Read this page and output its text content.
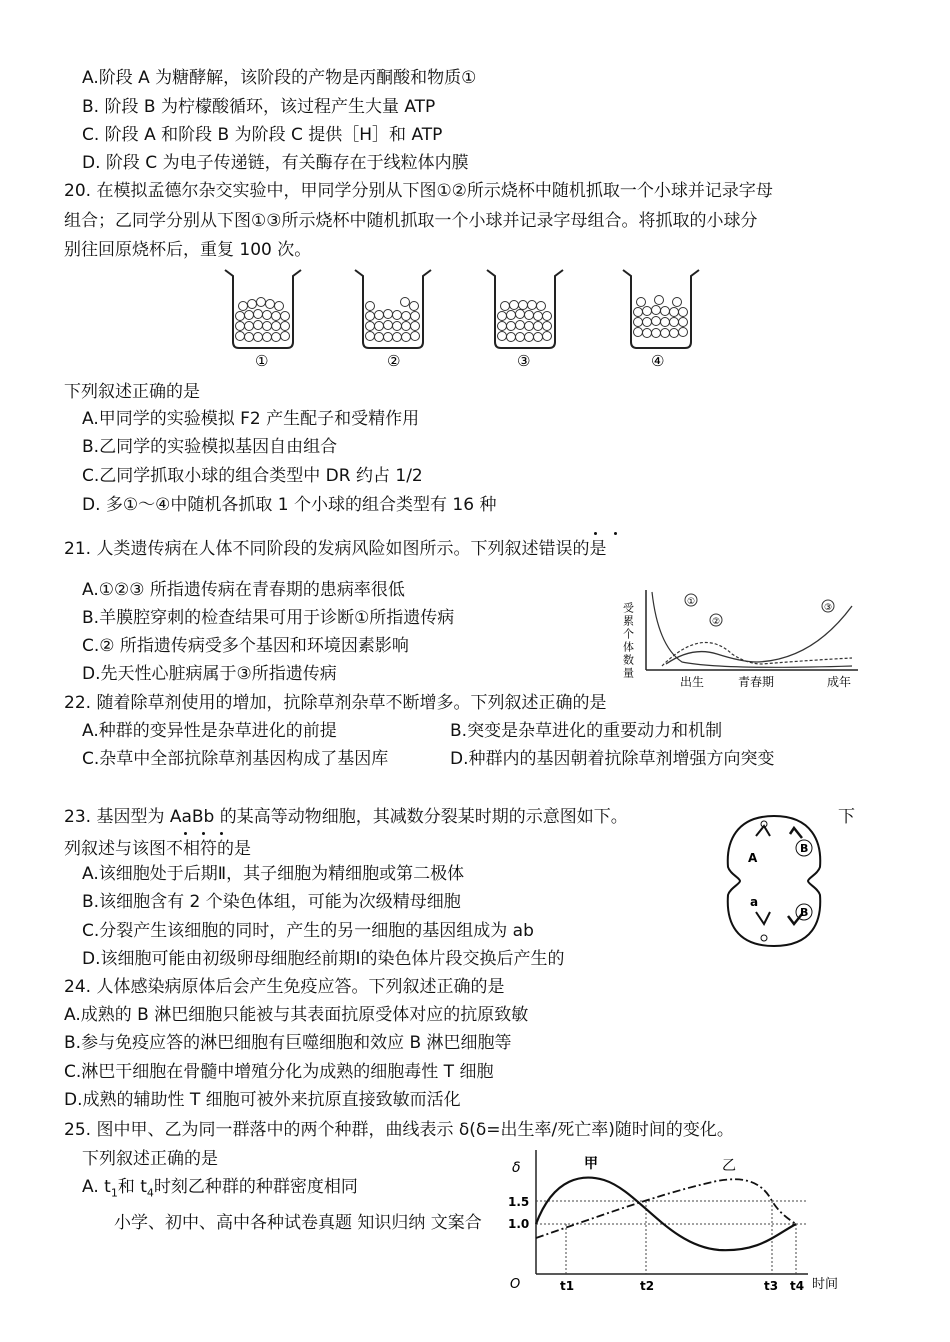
A.阶段 A 为糖酵解，该阶段的产物是丙酮酸和物质①
B. 阶段 B 为柠檬酸循环，该过程产生大量 ATP
C. 阶段 A 和阶段 B 为阶段 C 提供［H］和 ATP
D. 阶段 C 为电子传递链，有关酶存在于线粒体内膜
20. 在模拟孟德尔杂交实验中，甲同学分别从下图①②所示烧杯中随机抓取一个小球并记录字母
组合；乙同学分别从下图①③所示烧杯中随机抓取一个小球并记录字母组合。将抓取的小球分
别往回原烧杯后，重复 100 次。
①	②	③	④
下列叙述正确的是
A.甲同学的实验模拟 F2 产生配子和受精作用
B.乙同学的实验模拟基因自由组合
C.乙同学抓取小球的组合类型中 DR 约占 1/2
D. 多①～④中随机各抓取 1 个小球的组合类型有 16 种
21. 人类遗传病在人体不同阶段的发病风险如图所示。下列叙述错误的是
A.①②③ 所指遗传病在青春期的患病率很低
B.羊膜腔穿刺的检查结果可用于诊断①所指遗传病
C.② 所指遗传病受多个基因和环境因素影响
D.先天性心脏病属于③所指遗传病	受累个体数量	①
②
③
出生	青春期	成年
22. 随着除草剂使用的增加，抗除草剂杂草不断增多。下列叙述正确的是
A.种群的变异性是杂草进化的前提	B.突变是杂草进化的重要动力和机制
C.杂草中全部抗除草剂基因构成了基因库	D.种群内的基因朝着抗除草剂增强方向突变
23. 基因型为 AaBb 的某高等动物细胞，其减数分裂某时期的示意图如下。	下
列叙述与该图不相符的是
A.该细胞处于后期Ⅱ，其子细胞为精细胞或第二极体
B.该细胞含有 2 个染色体组，可能为次级精母细胞
C.分裂产生该细胞的同时，产生的另一细胞的基因组成为 ab
D.该细胞可能由初级卵母细胞经前期Ⅰ的染色体片段交换后产生的
A
B
a
B
24. 人体感染病原体后会产生免疫应答。下列叙述正确的是
A.成熟的 B 淋巴细胞只能被与其表面抗原受体对应的抗原致敏
B.参与免疫应答的淋巴细胞有巨噬细胞和效应 B 淋巴细胞等
C.淋巴干细胞在骨髓中增殖分化为成熟的细胞毒性 T 细胞
D.成熟的辅助性 T 细胞可被外来抗原直接致敏而活化
25. 图中甲、乙为同一群落中的两个种群，曲线表示 δ(δ=出生率/死亡率)随时间的变化。
下列叙述正确的是
A. $t_1$和 $t_4$时刻乙种群的种群密度相同
小学、初中、高中各种试卷真题 知识归纳 文案合
δ
O
1.5
1.0
甲	乙
t1	t2	t3 t4 时间
